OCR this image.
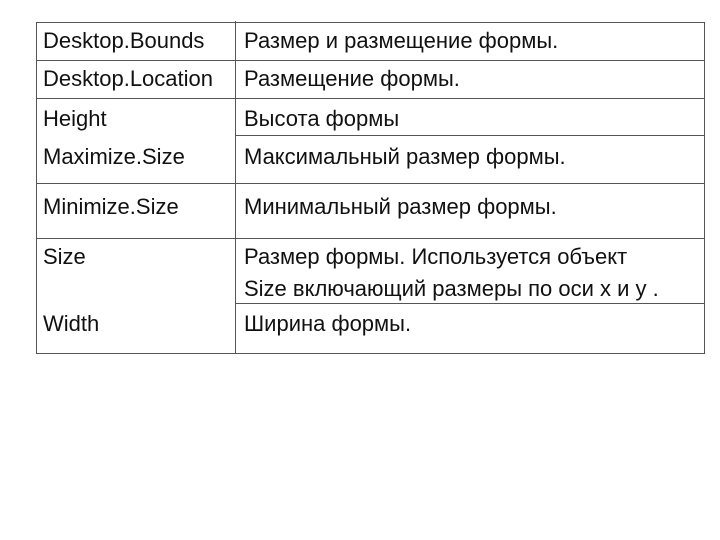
Desktop.Bounds Размер и размещение формы.
Desktop.Location Размещение формы.
Height	Высота формы
Maximize.Size	Максимальный размер формы.
Minimize.Size	Минимальный размер формы.
Size	Размер формы. Используется объект
Size включающий размеры по оси x и y .
Width	Ширина формы.
